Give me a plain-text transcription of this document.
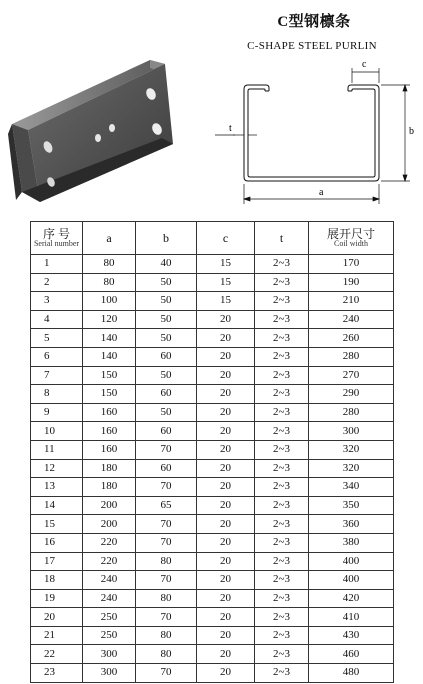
C型钢檩条
C-SHAPE STEEL PURLIN
c
b
t
a
序 号
Serial number	a	b	c	t	展开尺寸
Coil width

1	80	40	15	2~3	170
2	80	50	15	2~3	190
3	100	50	15	2~3	210
4	120	50	20	2~3	240
5	140	50	20	2~3	260
6	140	60	20	2~3	280
7	150	50	20	2~3	270
8	150	60	20	2~3	290
9	160	50	20	2~3	280
10	160	60	20	2~3	300
11	160	70	20	2~3	320
12	180	60	20	2~3	320
13	180	70	20	2~3	340
14	200	65	20	2~3	350
15	200	70	20	2~3	360
16	220	70	20	2~3	380
17	220	80	20	2~3	400
18	240	70	20	2~3	400
19	240	80	20	2~3	420
20	250	70	20	2~3	410
21	250	80	20	2~3	430
22	300	80	20	2~3	460
23	300	70	20	2~3	480
